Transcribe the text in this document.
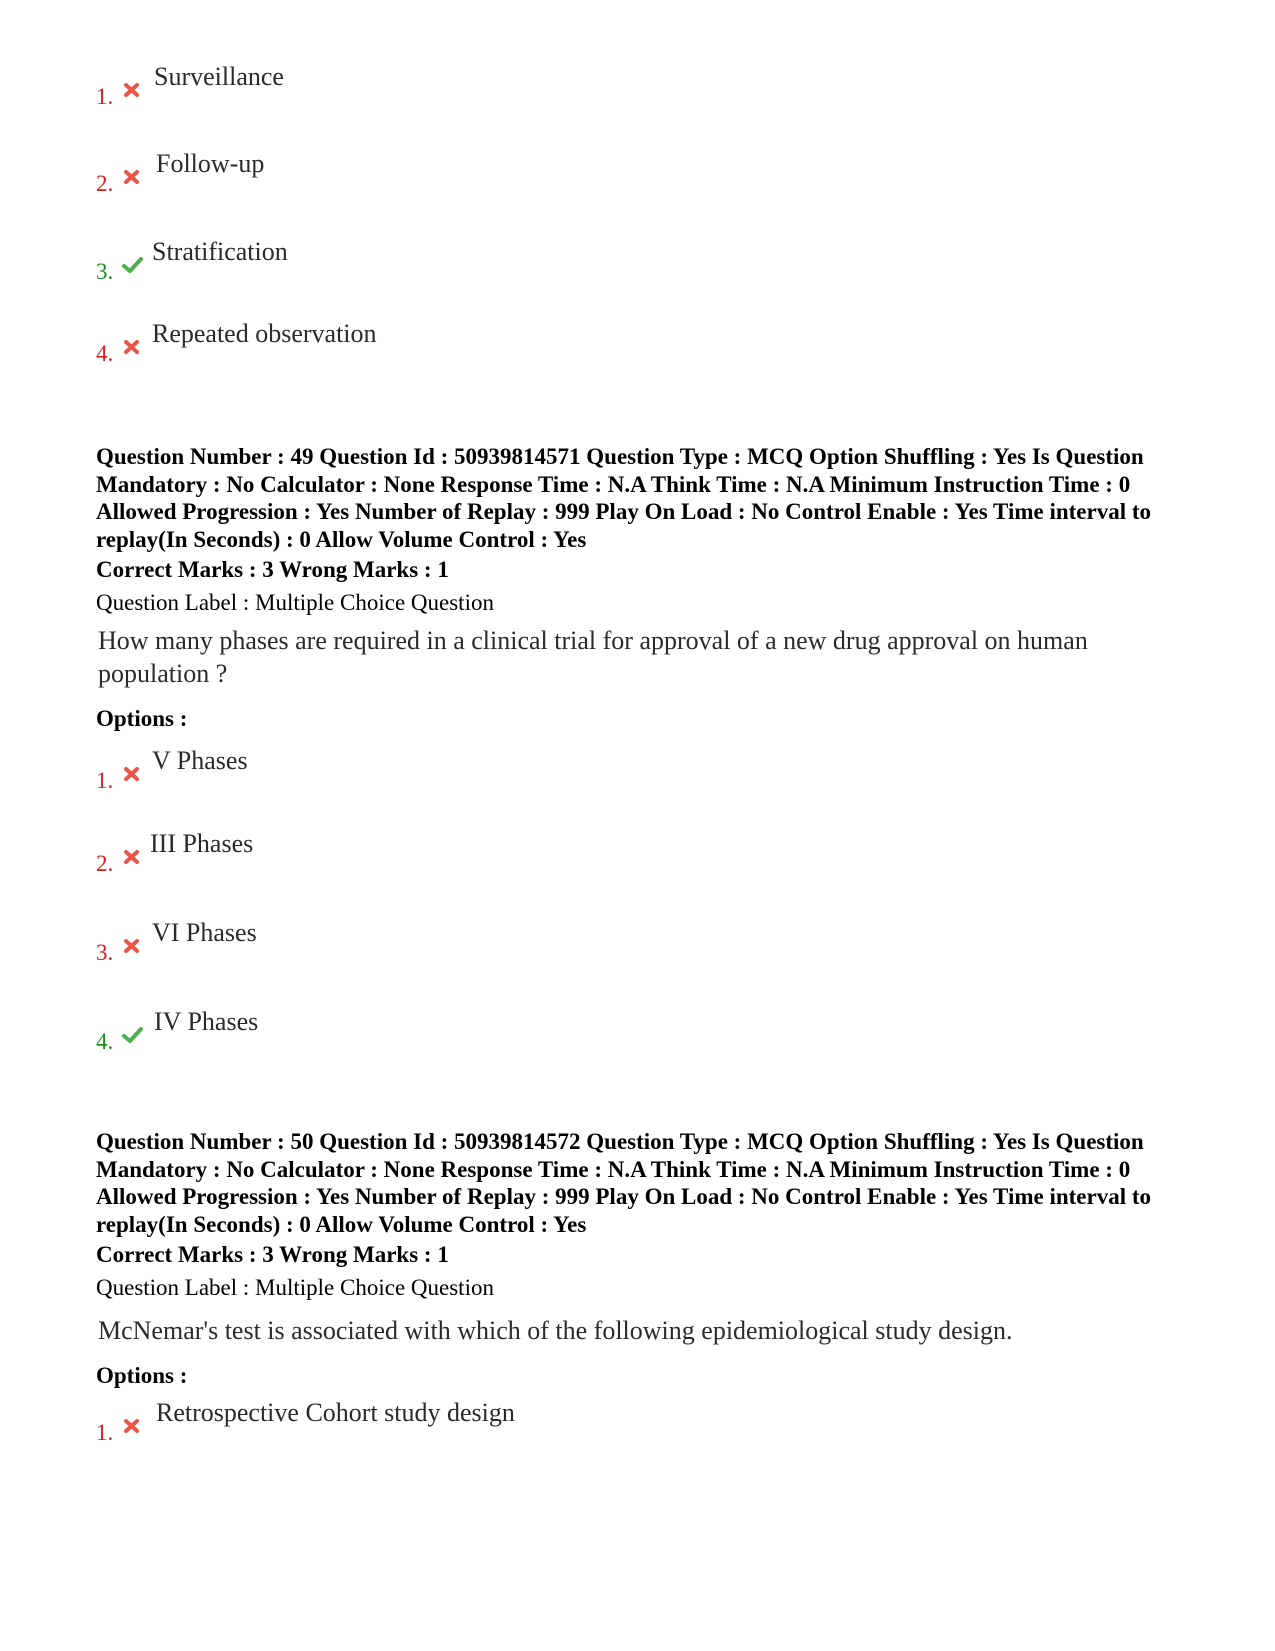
1.
Surveillance
2.
Follow-up
3.
Stratification
4.
Repeated observation

Question Number : 49 Question Id : 50939814571 Question Type : MCQ Option Shuffling : Yes Is Question Mandatory : No Calculator : None Response Time : N.A Think Time : N.A Minimum Instruction Time : 0 Allowed Progression : Yes Number of Replay : 999 Play On Load : No Control Enable : Yes Time interval to replay(In Seconds) : 0 Allow Volume Control : Yes

Correct Marks : 3 Wrong Marks : 1

Question Label : Multiple Choice Question

How many phases are required in a clinical trial for approval of a new drug approval on human population ?

Options :

1.
V Phases
2.
III Phases
3.
VI Phases
4.
IV Phases

Question Number : 50 Question Id : 50939814572 Question Type : MCQ Option Shuffling : Yes Is Question Mandatory : No Calculator : None Response Time : N.A Think Time : N.A Minimum Instruction Time : 0 Allowed Progression : Yes Number of Replay : 999 Play On Load : No Control Enable : Yes Time interval to replay(In Seconds) : 0 Allow Volume Control : Yes

Correct Marks : 3 Wrong Marks : 1

Question Label : Multiple Choice Question

McNemar's test is associated with which of the following epidemiological study design.

Options :

1.
Retrospective Cohort study design
